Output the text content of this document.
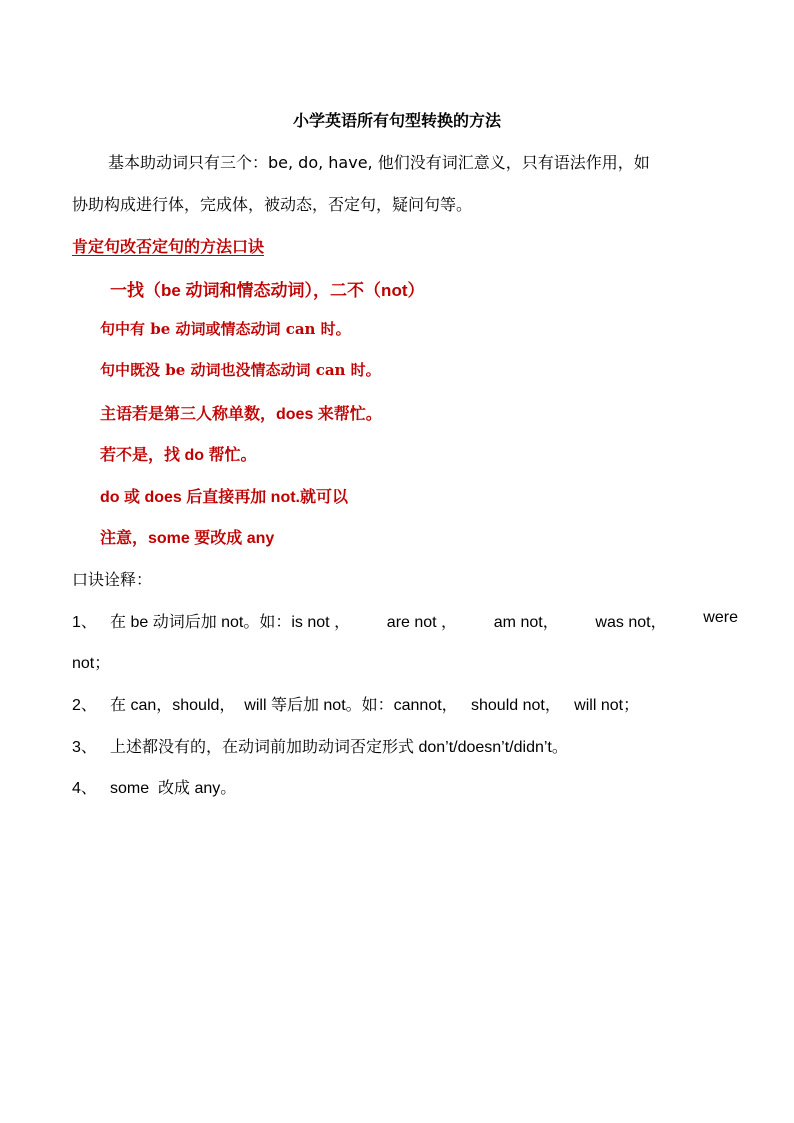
小学英语所有句型转换的方法
基本助动词只有三个：be, do, have, 他们没有词汇意义，只有语法作用，如
协助构成进行体，完成体，被动态，否定句，疑问句等。
肯定句改否定句的方法口诀
一找（be 动词和情态动词），二不（not）
句中有 be 动词或情态动词 can 时。
句中既没 be 动词也没情态动词 can 时。
主语若是第三人称单数，does 来帮忙。
若不是，找 do 帮忙。
do 或 does 后直接再加 not.就可以
注意，some 要改成 any
口诀诠释：
1、 在 be 动词后加 not。如：is not ， are not ， am not， was not， were
not；
2、 在 can，should，  will 等后加 not。如：cannot，   should not，   will not；
3、 上述都没有的，在动词前加助动词否定形式 don’t/doesn’t/didn’t。
4、 some  改成 any。
